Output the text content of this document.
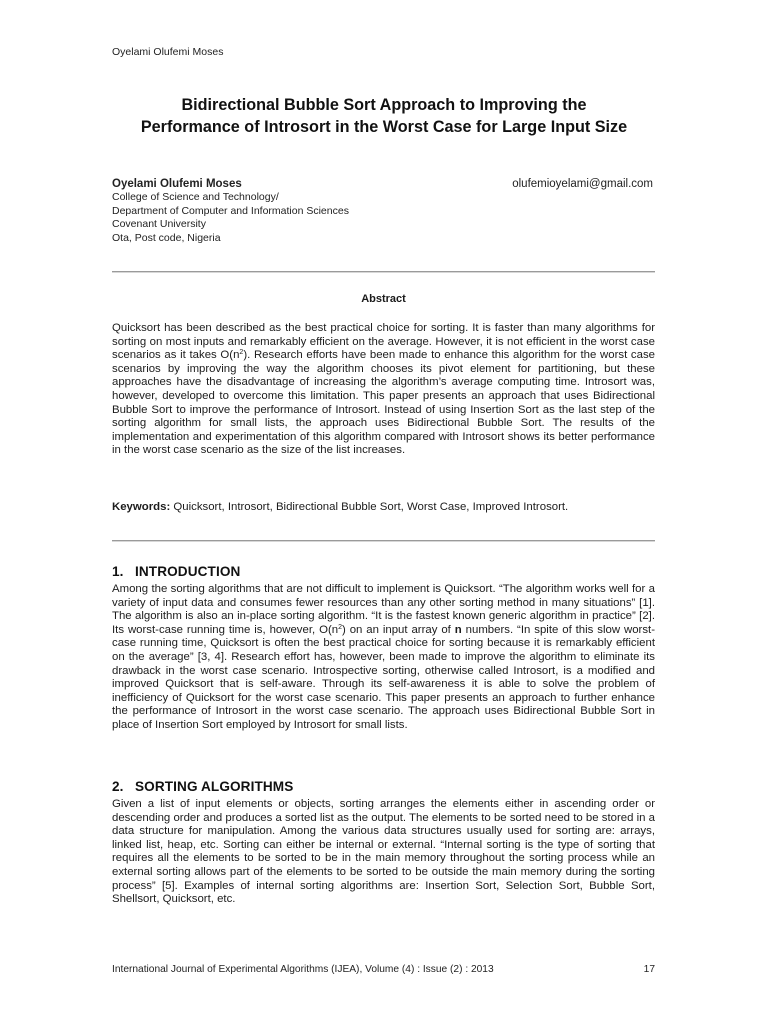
Oyelami Olufemi Moses
Bidirectional Bubble Sort Approach to Improving the
Performance of Introsort in the Worst Case for Large Input Size
Oyelami Olufemi Moses	olufemioyelami@gmail.com
College of Science and Technology/
Department of Computer and Information Sciences
Covenant University
Ota, Post code, Nigeria
Abstract
Quicksort has been described as the best practical choice for sorting. It is faster than many algorithms for sorting on most inputs and remarkably efficient on the average. However, it is not efficient in the worst case scenarios as it takes $O(n^2)$. Research efforts have been made to enhance this algorithm for the worst case scenarios by improving the way the algorithm chooses its pivot element for partitioning, but these approaches have the disadvantage of increasing the algorithm’s average computing time. Introsort was, however, developed to overcome this limitation. This paper presents an approach that uses Bidirectional Bubble Sort to improve the performance of Introsort. Instead of using Insertion Sort as the last step of the sorting algorithm for small lists, the approach uses Bidirectional Bubble Sort. The results of the implementation and experimentation of this algorithm compared with Introsort shows its better performance in the worst case scenario as the size of the list increases.
Keywords: Quicksort, Introsort, Bidirectional Bubble Sort, Worst Case, Improved Introsort.
1. INTRODUCTION
Among the sorting algorithms that are not difficult to implement is Quicksort. “The algorithm works well for a variety of input data and consumes fewer resources than any other sorting method in many situations” [1]. The algorithm is also an in-place sorting algorithm. “It is the fastest known generic algorithm in practice” [2]. Its worst-case running time is, however, $O(n^2)$ on an input array of n numbers. “In spite of this slow worst-case running time, Quicksort is often the best practical choice for sorting because it is remarkably efficient on the average” [3, 4]. Research effort has, however, been made to improve the algorithm to eliminate its drawback in the worst case scenario. Introspective sorting, otherwise called Introsort, is a modified and improved Quicksort that is self-aware. Through its self-awareness it is able to solve the problem of inefficiency of Quicksort for the worst case scenario. This paper presents an approach to further enhance the performance of Introsort in the worst case scenario. The approach uses Bidirectional Bubble Sort in place of Insertion Sort employed by Introsort for small lists.
2. SORTING ALGORITHMS
Given a list of input elements or objects, sorting arranges the elements either in ascending order or descending order and produces a sorted list as the output. The elements to be sorted need to be stored in a data structure for manipulation. Among the various data structures usually used for sorting are: arrays, linked list, heap, etc. Sorting can either be internal or external. “Internal sorting is the type of sorting that requires all the elements to be sorted to be in the main memory throughout the sorting process while an external sorting allows part of the elements to be sorted to be outside the main memory during the sorting process” [5]. Examples of internal sorting algorithms are: Insertion Sort, Selection Sort, Bubble Sort, Shellsort, Quicksort, etc.
International Journal of Experimental Algorithms (IJEA), Volume (4) : Issue (2) : 2013	17
